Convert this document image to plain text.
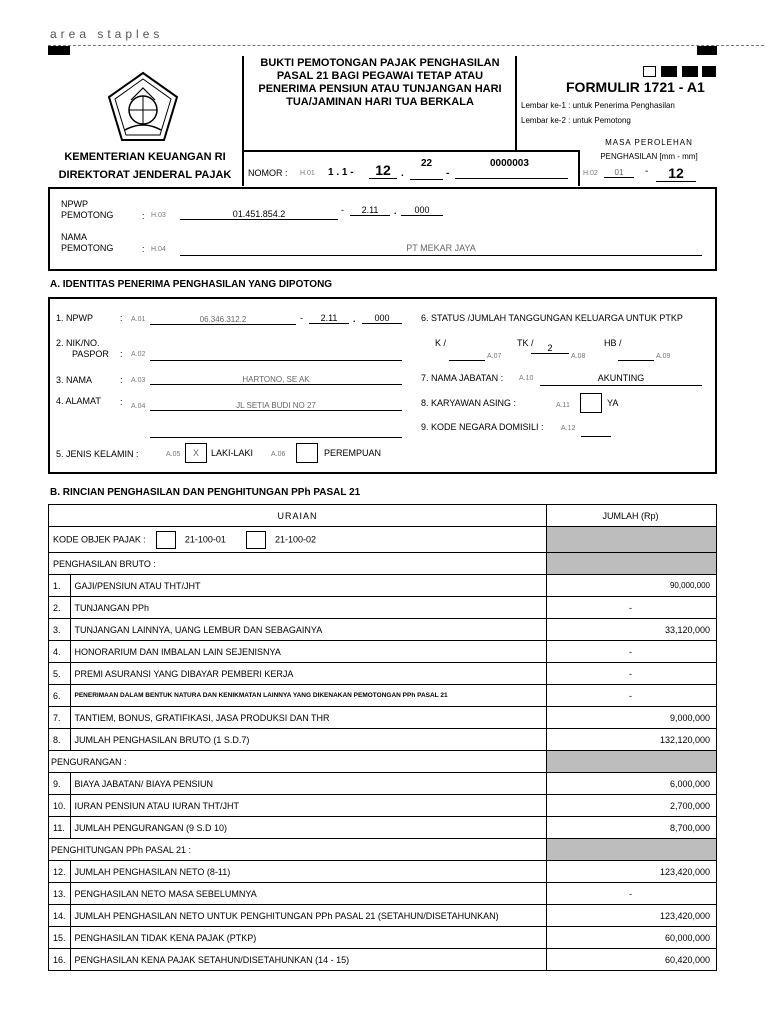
area staples
KEMENTERIAN KEUANGAN RI
DIREKTORAT JENDERAL PAJAK
BUKTI PEMOTONGAN PAJAK PENGHASILAN
PASAL 21 BAGI PEGAWAI TETAP ATAU
PENERIMA PENSIUN ATAU TUNJANGAN HARI
TUA/JAMINAN HARI TUA BERKALA
FORMULIR 1721 - A1
Lembar ke-1 : untuk Penerima Penghasilan
Lembar ke-2 : untuk Pemotong
MASA PEROLEHAN
PENGHASILAN [mm - mm]
H.02	01	-	12
NOMOR : H.01 1 . 1 -	12	.
22
-
0000003
NPWP
PEMOTONG	: H.03	01.451.854.2	-	2.11	.	000
NAMA
PEMOTONG	: H.04	PT MEKAR JAYA
A. IDENTITAS PENERIMA PENGHASILAN YANG DIPOTONG
1. NPWP	: A.01	06.346.312.2	-	2.11	.	000
2. NIK/NO.
PASPOR : A.02
3. NAMA	: A.03	HARTONO, SE AK
4. ALAMAT : A.04	JL SETIA BUDI NO 27
5. JENIS KELAMIN :	A.05	X	LAKI-LAKI	A.06	PEREMPUAN
6. STATUS /JUMLAH TANGGUNGAN KELUARGA UNTUK PTKP
K /
A.07
TK /	2
A.08
HB /
A.09
7. NAMA JABATAN : A.10	AKUNTING
8. KARYAWAN ASING :	A.11	YA
9. KODE NEGARA DOMISILI : A.12
B. RINCIAN PENGHASILAN DAN PENGHITUNGAN PPh PASAL 21
URAIAN		JUMLAH (Rp)
KODE OBJEK PAJAK : 21-100-01 21-100-02		
PENGHASILAN BRUTO :		
1.	GAJI/PENSIUN ATAU THT/JHT	90,000,000
2.	TUNJANGAN PPh	-
3.	TUNJANGAN LAINNYA, UANG LEMBUR DAN SEBAGAINYA	33,120,000
4.	HONORARIUM DAN IMBALAN LAIN SEJENISNYA	-
5.	PREMI ASURANSI YANG DIBAYAR PEMBERI KERJA	-
6.	PENERIMAAN DALAM BENTUK NATURA DAN KENIKMATAN LAINNYA YANG DIKENAKAN PEMOTONGAN PPh PASAL 21	-
7.	TANTIEM, BONUS, GRATIFIKASI, JASA PRODUKSI DAN THR	9,000,000
8.	JUMLAH PENGHASILAN BRUTO (1 S.D.7)	132,120,000
PENGURANGAN :		
9.	BIAYA JABATAN/ BIAYA PENSIUN	6,000,000
10.	IURAN PENSIUN ATAU IURAN THT/JHT	2,700,000
11.	JUMLAH PENGURANGAN (9 S.D 10)	8,700,000
PENGHITUNGAN PPh PASAL 21 :		
12.	JUMLAH PENGHASILAN NETO (8-11)	123,420,000
13.	PENGHASILAN NETO MASA SEBELUMNYA	-
14.	JUMLAH PENGHASILAN NETO UNTUK PENGHITUNGAN PPh PASAL 21 (SETAHUN/DISETAHUNKAN)	123,420,000
15.	PENGHASILAN TIDAK KENA PAJAK (PTKP)	60,000,000
16.	PENGHASILAN KENA PAJAK SETAHUN/DISETAHUNKAN (14 - 15)	60,420,000
